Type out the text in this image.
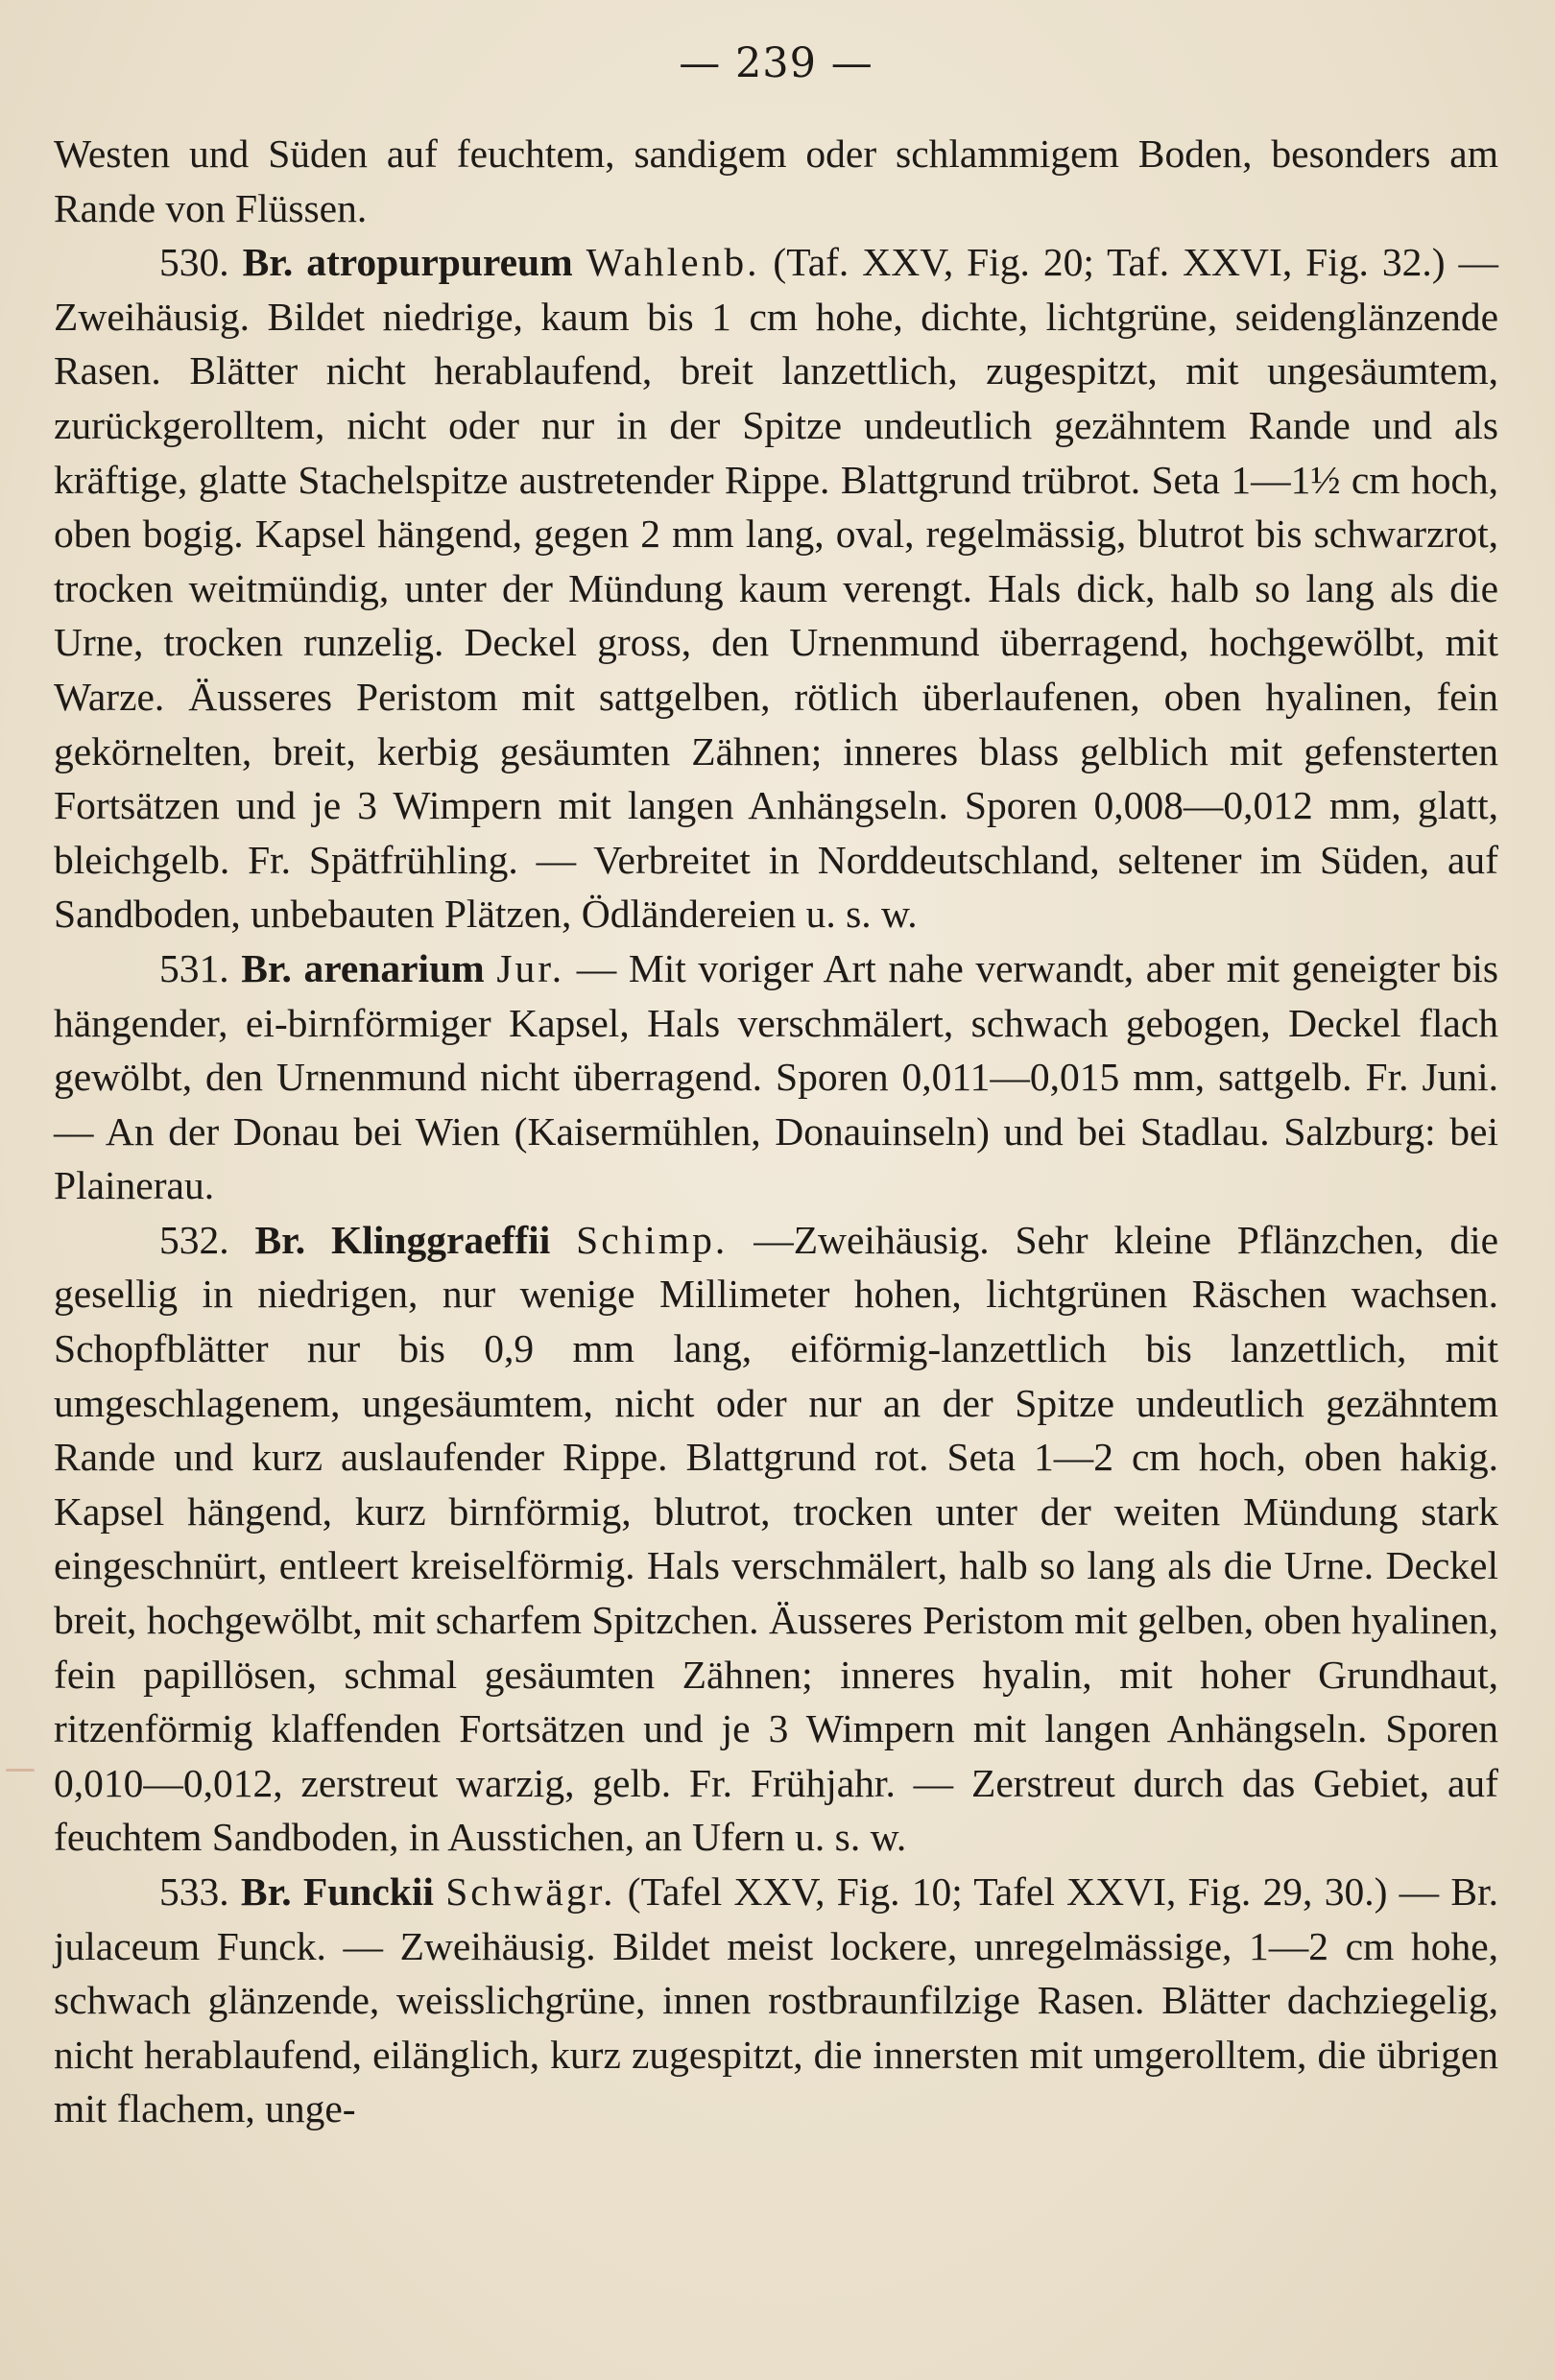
— 239 —

Westen und Süden auf feuchtem, sandigem oder schlammigem Boden, besonders am Rande von Flüssen.

530. Br. atropurpureum Wahlenb. (Taf. XXV, Fig. 20; Taf. XXVI, Fig. 32.) — Zweihäusig. Bildet niedrige, kaum bis 1 cm hohe, dichte, lichtgrüne, seidenglänzende Rasen. Blätter nicht herablaufend, breit lanzettlich, zugespitzt, mit ungesäumtem, zurückgerolltem, nicht oder nur in der Spitze undeutlich gezähntem Rande und als kräftige, glatte Stachelspitze austretender Rippe. Blattgrund trübrot. Seta 1—1½ cm hoch, oben bogig. Kapsel hängend, gegen 2 mm lang, oval, regelmässig, blutrot bis schwarzrot, trocken weitmündig, unter der Mündung kaum verengt. Hals dick, halb so lang als die Urne, trocken runzelig. Deckel gross, den Urnenmund überragend, hochgewölbt, mit Warze. Äusseres Peristom mit sattgelben, rötlich überlaufenen, oben hyalinen, fein gekörnelten, breit, kerbig gesäumten Zähnen; inneres blass gelblich mit gefensterten Fortsätzen und je 3 Wimpern mit langen Anhängseln. Sporen 0,008—0,012 mm, glatt, bleichgelb. Fr. Spätfrühling. — Verbreitet in Norddeutschland, seltener im Süden, auf Sandboden, unbebauten Plätzen, Ödländereien u. s. w.

531. Br. arenarium Jur. — Mit voriger Art nahe verwandt, aber mit geneigter bis hängender, ei-birnförmiger Kapsel, Hals verschmälert, schwach gebogen, Deckel flach gewölbt, den Urnenmund nicht überragend. Sporen 0,011—0,015 mm, sattgelb. Fr. Juni. — An der Donau bei Wien (Kaisermühlen, Donauinseln) und bei Stadlau. Salzburg: bei Plainerau.

532. Br. Klinggraeffii Schimp. —Zweihäusig. Sehr kleine Pflänzchen, die gesellig in niedrigen, nur wenige Millimeter hohen, lichtgrünen Räschen wachsen. Schopfblätter nur bis 0,9 mm lang, eiförmig-lanzettlich bis lanzettlich, mit umgeschlagenem, ungesäumtem, nicht oder nur an der Spitze undeutlich gezähntem Rande und kurz auslaufender Rippe. Blattgrund rot. Seta 1—2 cm hoch, oben hakig. Kapsel hängend, kurz birnförmig, blutrot, trocken unter der weiten Mündung stark eingeschnürt, entleert kreiselförmig. Hals verschmälert, halb so lang als die Urne. Deckel breit, hochgewölbt, mit scharfem Spitzchen. Äusseres Peristom mit gelben, oben hyalinen, fein papillösen, schmal gesäumten Zähnen; inneres hyalin, mit hoher Grundhaut, ritzenförmig klaffenden Fortsätzen und je 3 Wimpern mit langen Anhängseln. Sporen 0,010—0,012, zerstreut warzig, gelb. Fr. Frühjahr. — Zerstreut durch das Gebiet, auf feuchtem Sandboden, in Ausstichen, an Ufern u. s. w.

533. Br. Funckii Schwägr. (Tafel XXV, Fig. 10; Tafel XXVI, Fig. 29, 30.) — Br. julaceum Funck. — Zweihäusig. Bildet meist lockere, unregelmässige, 1—2 cm hohe, schwach glänzende, weisslichgrüne, innen rostbraunfilzige Rasen. Blätter dachziegelig, nicht herablaufend, eilänglich, kurz zugespitzt, die innersten mit umgerolltem, die übrigen mit flachem, unge-
